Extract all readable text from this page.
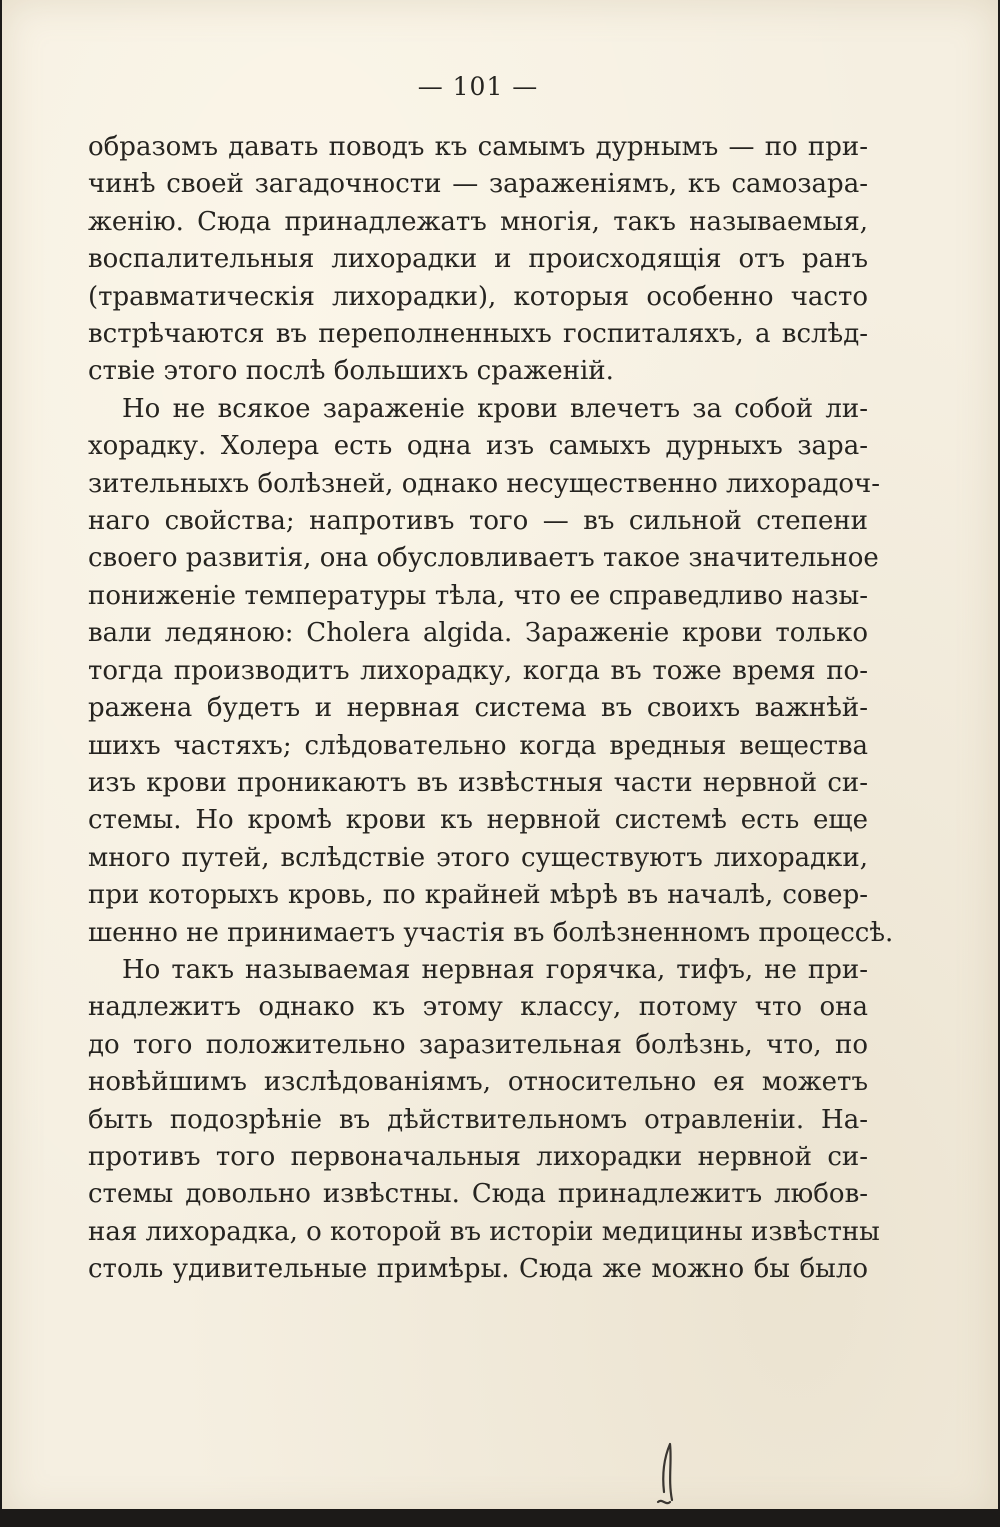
— 101 —
образомъ давать поводъ къ самымъ дурнымъ — по при-
чинѣ своей загадочности — зараженіямъ, къ самозара-
женію. Сюда принадлежатъ многія, такъ называемыя,
воспалительныя лихорадки и происходящія отъ ранъ
(травматическія лихорадки), которыя особенно часто
встрѣчаются въ переполненныхъ госпиталяхъ, а вслѣд-
ствіе этого послѣ большихъ сраженій.
Но не всякое зараженіе крови влечетъ за собой ли-
хорадку. Холера есть одна изъ самыхъ дурныхъ зара-
зительныхъ болѣзней, однако несущественно лихорадоч-
наго свойства; напротивъ того — въ сильной степени
своего развитія, она обусловливаетъ такое значительное
пониженіе температуры тѣла, что ее справедливо назы-
вали ледяною: Cholera algida. Зараженіе крови только
тогда производитъ лихорадку, когда въ тоже время по-
ражена будетъ и нервная система въ своихъ важнѣй-
шихъ частяхъ; слѣдовательно когда вредныя вещества
изъ крови проникаютъ въ извѣстныя части нервной си-
стемы. Но кромѣ крови къ нервной системѣ есть еще
много путей, вслѣдствіе этого существуютъ лихорадки,
при которыхъ кровь, по крайней мѣрѣ въ началѣ, совер-
шенно не принимаетъ участія въ болѣзненномъ процессѣ.
Но такъ называемая нервная горячка, тифъ, не при-
надлежитъ однако къ этому классу, потому что она
до того положительно заразительная болѣзнь, что, по
новѣйшимъ изслѣдованіямъ, относительно ея можетъ
быть подозрѣніе въ дѣйствительномъ отравленіи. На-
противъ того первоначальныя лихорадки нервной си-
стемы довольно извѣстны. Сюда принадлежитъ любов-
ная лихорадка, о которой въ исторіи медицины извѣстны
столь удивительные примѣры. Сюда же можно бы было
